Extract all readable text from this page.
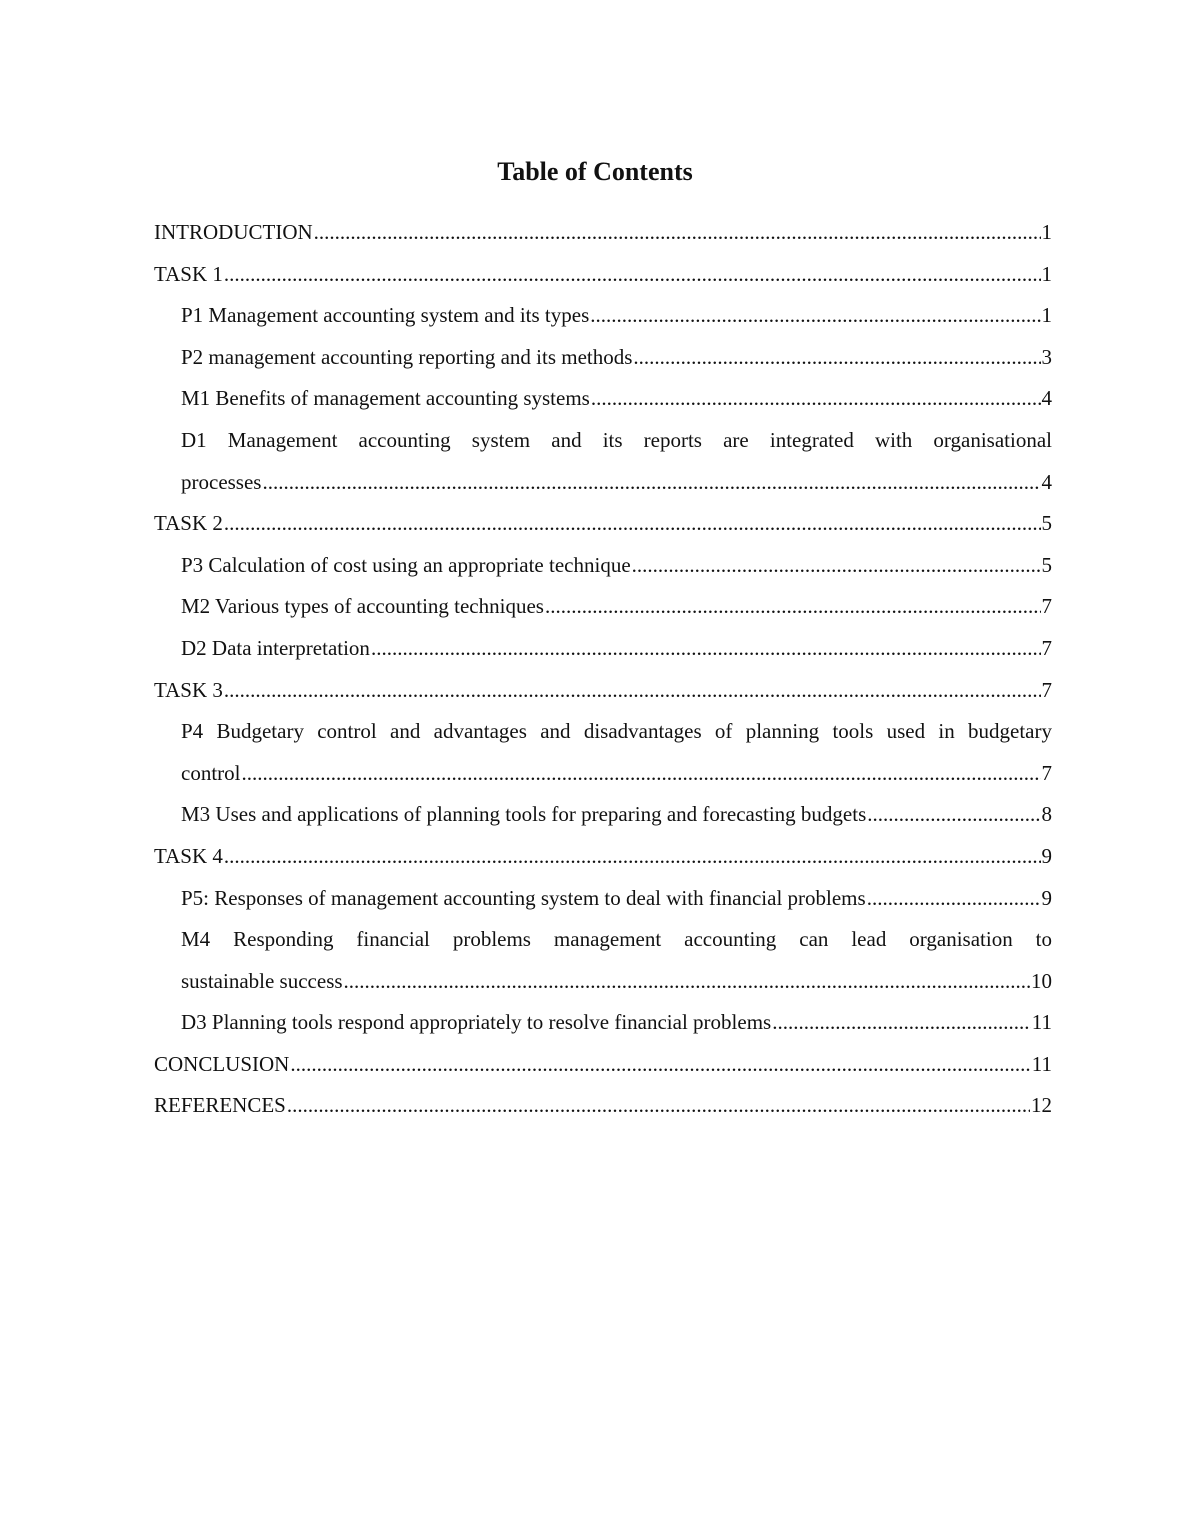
Table of Contents
INTRODUCTION .....	1
TASK 1 .....	1
P1 Management accounting system and its types .....	1
P2 management accounting reporting and its methods .....	3
M1 Benefits of management accounting systems .....	4
D1 Management accounting system and its reports are integrated with organisational
processes .....	4
TASK 2 .....	5
P3 Calculation of cost using an appropriate technique .....	5
M2 Various types of accounting techniques .....	7
D2 Data interpretation .....	7
TASK 3 .....	7
P4 Budgetary control and advantages and disadvantages of planning tools used in budgetary
control .....	7
M3 Uses and applications of planning tools for preparing and forecasting budgets .....	8
TASK 4 .....	9
P5: Responses of management accounting system to deal with financial problems .....	9
M4 Responding financial problems management accounting can lead organisation to
sustainable success .....	10
D3 Planning tools respond appropriately to resolve financial problems .....	11
CONCLUSION .....	11
REFERENCES .....	12
